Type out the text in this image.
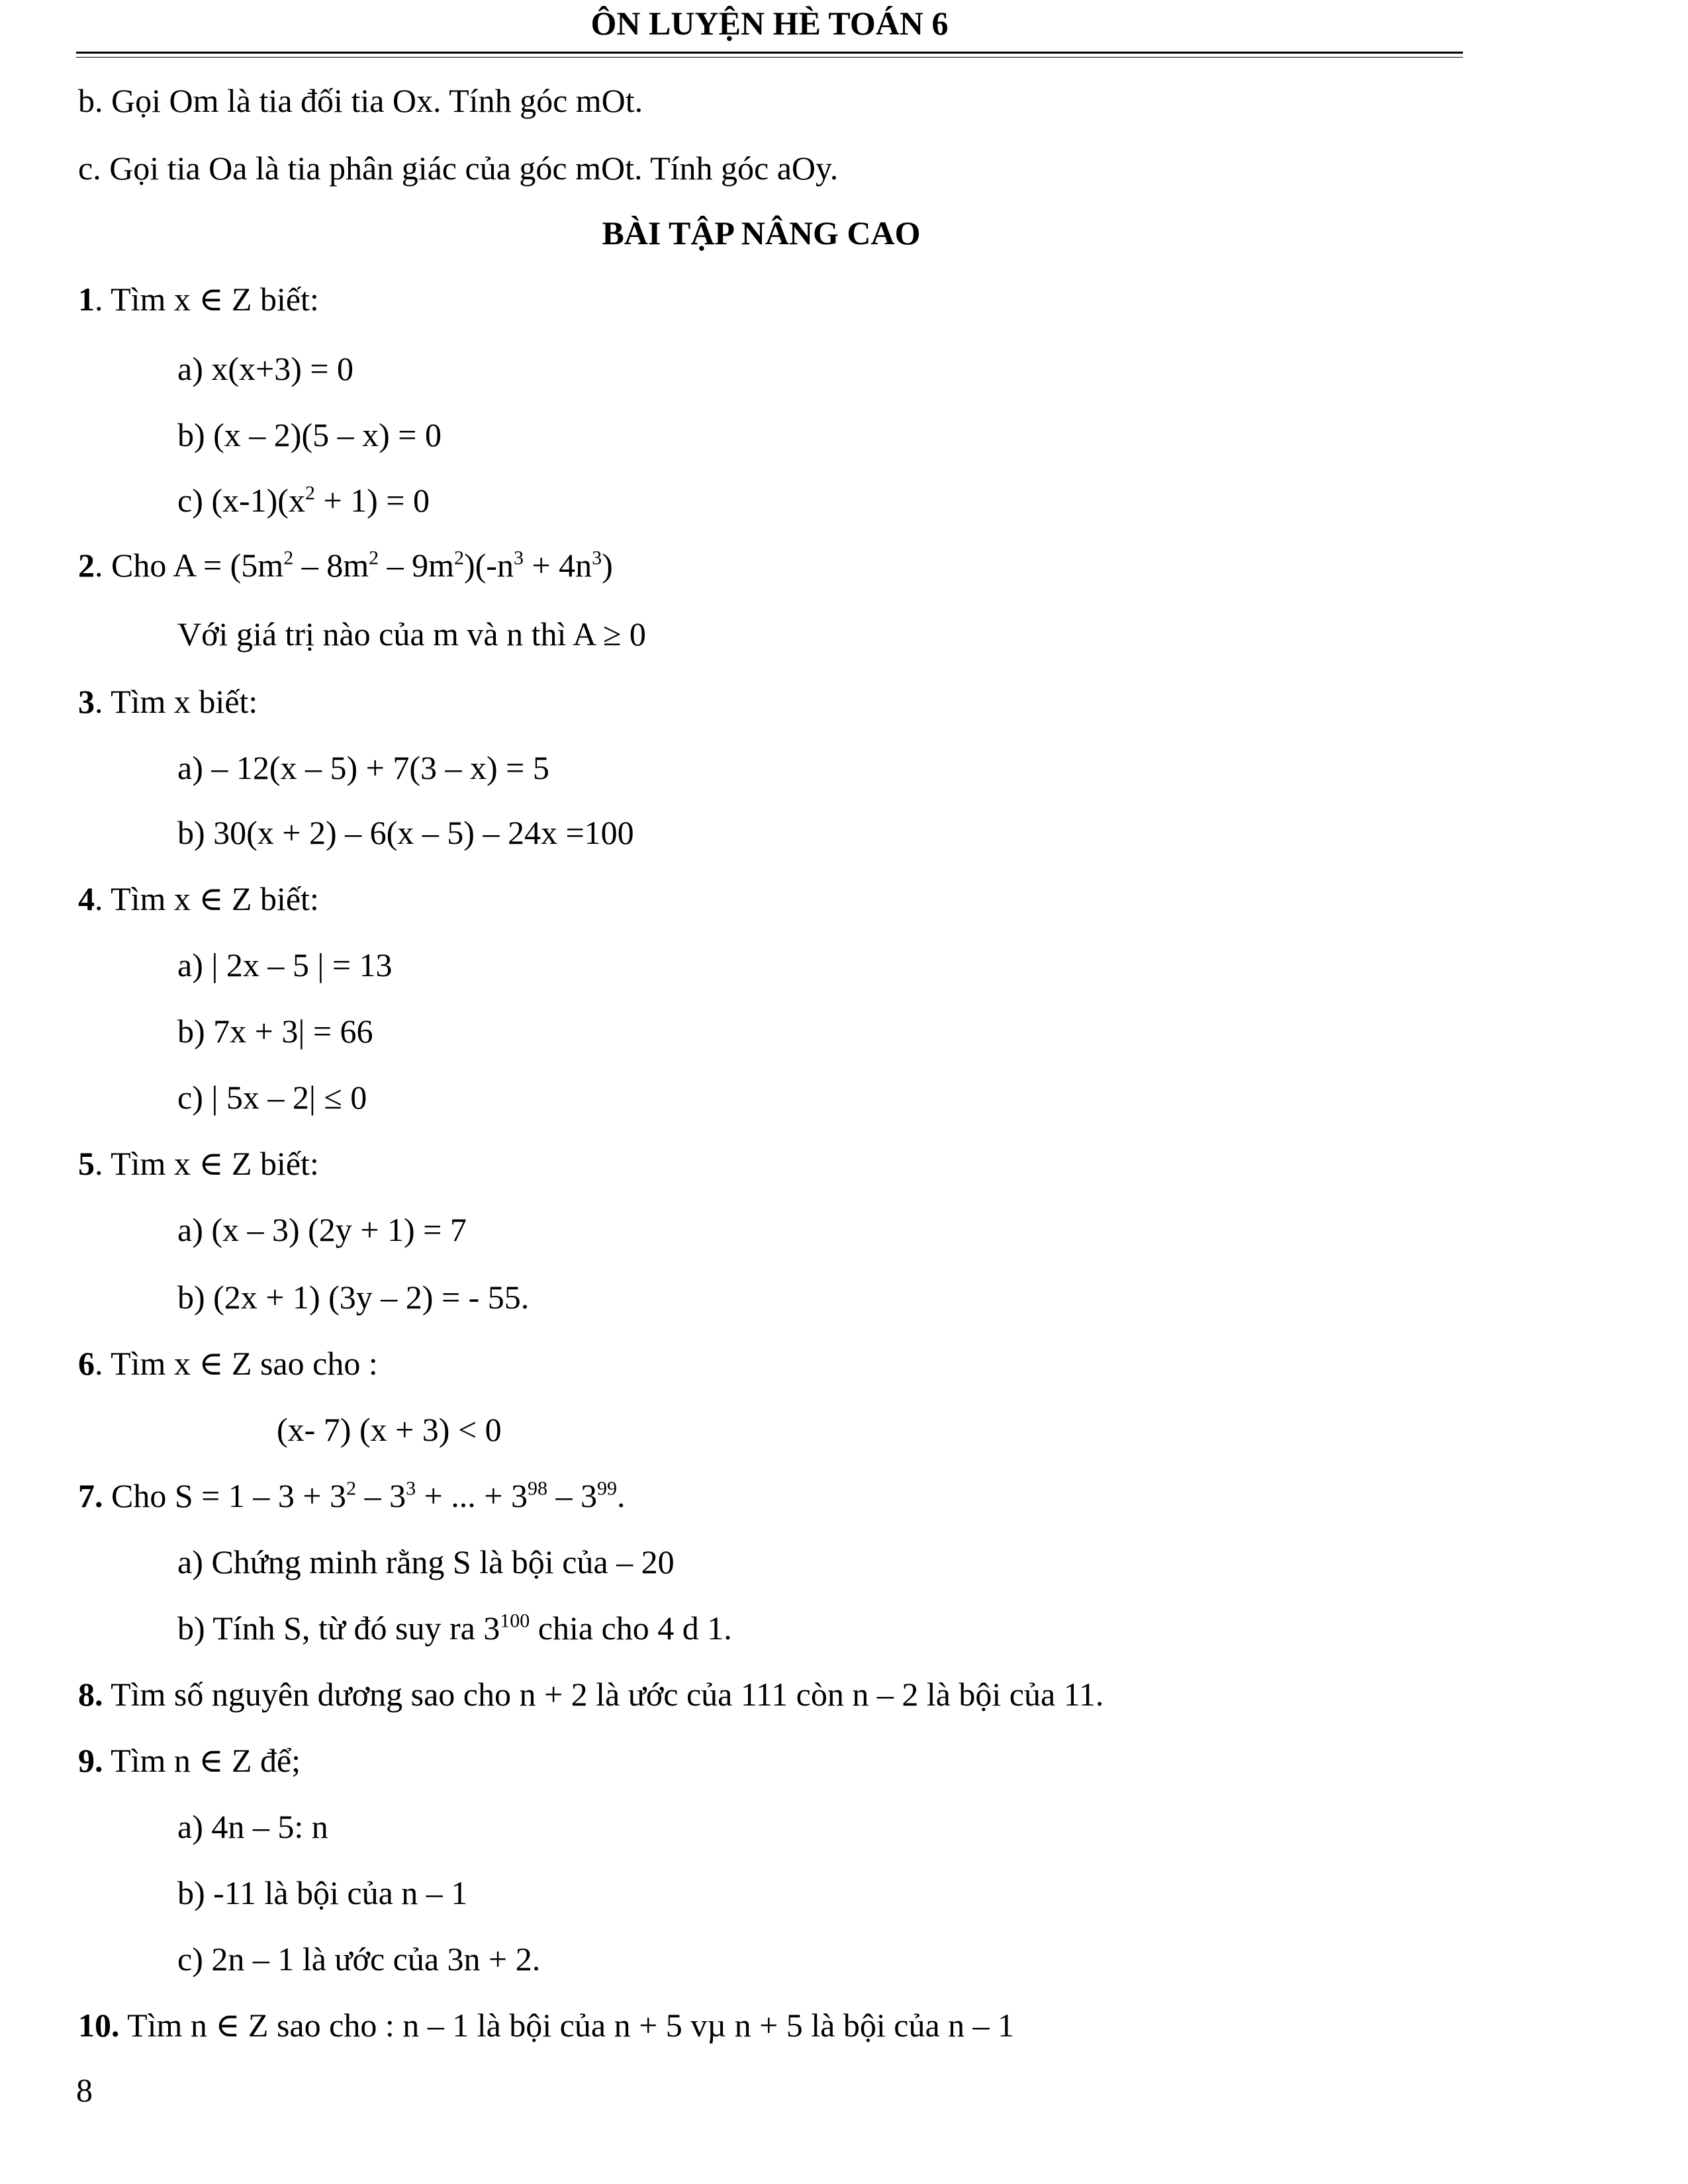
ÔN LUYỆN HÈ TOÁN 6
b. Gọi Om là tia đối tia Ox. Tính góc mOt.
c. Gọi tia Oa là tia phân giác của góc mOt. Tính góc aOy.
BÀI TẬP NÂNG CAO
1. Tìm x ∈ Z biết:
a) x(x+3) = 0
b) (x – 2)(5 – x) = 0
c) $(x-1)(x^2 + 1) = 0$
2. Cho $A = (5m^2 - 8m^2 - 9m^2)(-n^3 + 4n^3)$
Với giá trị nào của m và n thì A ≥ 0
3. Tìm x biết:
a) – 12(x – 5) + 7(3 – x) = 5
b) 30(x + 2) – 6(x – 5) – 24x =100
4. Tìm x ∈ Z biết:
a) | 2x – 5 | = 13
b) 7x + 3| = 66
c) | 5x – 2| ≤ 0
5. Tìm x ∈ Z biết:
a) (x – 3) (2y + 1) = 7
b) (2x + 1) (3y – 2) = - 55.
6. Tìm x ∈ Z sao cho :
(x- 7) (x + 3) < 0
7. Cho $S = 1 - 3 + 3^2 - 3^3$ + ... + $3^{98} - 3^{99}$.
a) Chứng minh rằng S là bội của – 20
b) Tính S, từ đó suy ra $3^{100}$ chia cho 4 d 1.
8. Tìm số nguyên dương sao cho n + 2 là ước của 111 còn n – 2 là bội của 11.
9. Tìm n ∈ Z để;
a) 4n – 5: n
b) -11 là bội của n – 1
c) 2n – 1 là ước của 3n + 2.
10. Tìm n ∈ Z sao cho : n – 1 là bội của n + 5 vµ n + 5 là bội của n – 1
8
